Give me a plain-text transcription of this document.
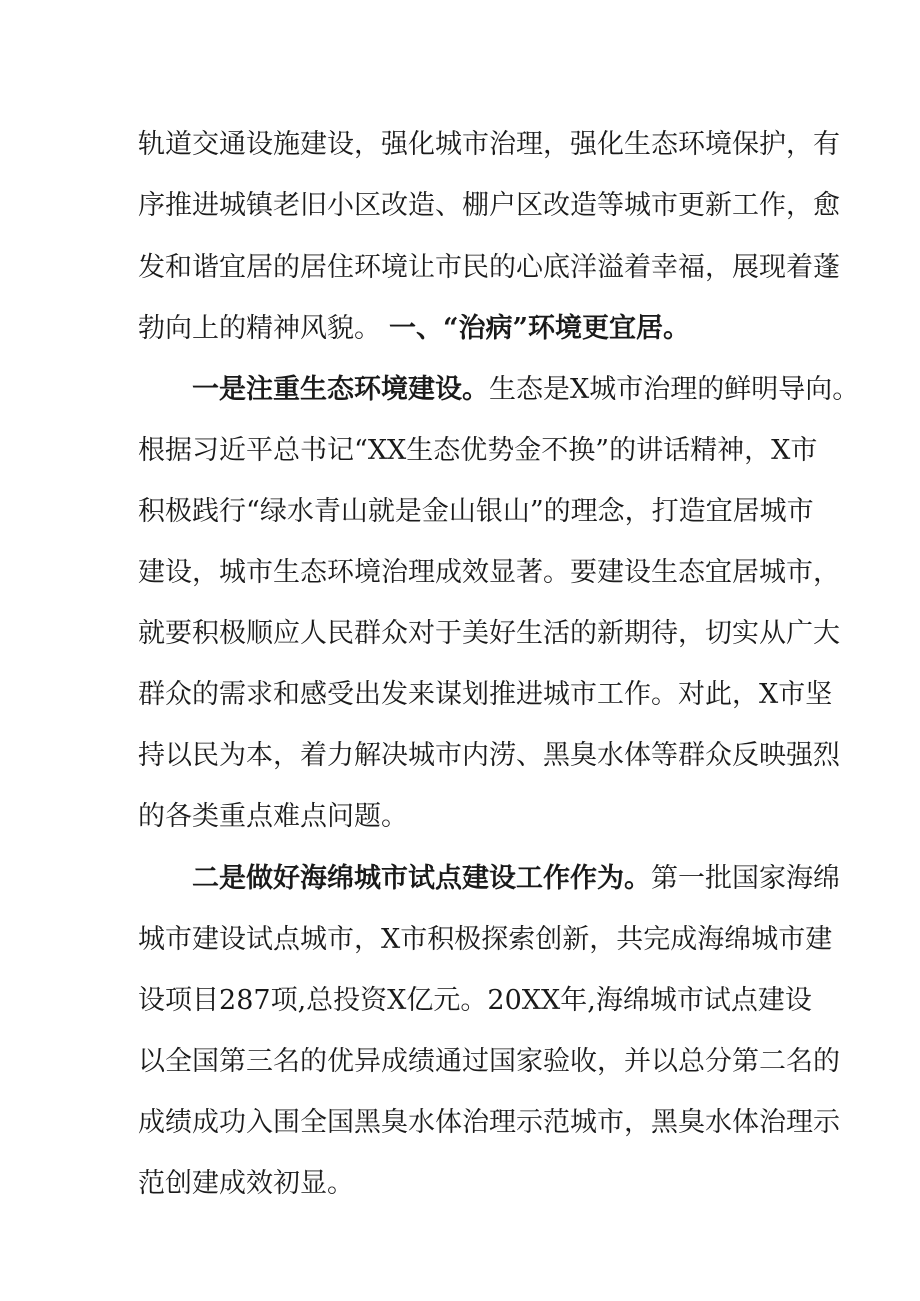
轨 道 交 通 设 施 建 设 ， 强 化 城 市 治 理 ， 强 化 生 态 环 境 保 护 ， 有
序 推 进 城 镇 老 旧 小 区 改 造 、 棚 户 区 改 造 等 城 市 更 新 工 作 ， 愈
发 和 谐 宜 居 的 居 住 环 境 让 市 民 的 心 底 洋 溢 着 幸 福 ， 展 现 着 蓬
勃向上的精神风貌。 一、“治病”环境更宜居。
一是注重生态环境建设。 生态是X城市治理的鲜明导向。
根 据 习 近 平 总 书 记 “ X X 生 态 优 势 金 不 换 ” 的 讲 话 精 神 ， X 市
积 极 践 行 “ 绿 水 青 山 就 是 金 山 银 山 ” 的 理 念 ， 打 造 宜 居 城 市
建 设 ， 城 市 生 态 环 境 治 理 成 效 显 著 。 要 建 设 生 态 宜 居 城 市 ，
就 要 积 极 顺 应 人 民 群 众 对 于 美 好 生 活 的 新 期 待 ， 切 实 从 广 大
群 众 的 需 求 和 感 受 出 发 来 谋 划 推 进 城 市 工 作 。 对 此 ， X 市 坚
持 以 民 为 本 ， 着 力 解 决 城 市 内 涝 、 黑 臭 水 体 等 群 众 反 映 强 烈
的各类重点难点问题。
二是做好海绵城市试点建设工作作为。 第一批国家海绵
城 市 建 设 试 点 城 市 ， X 市 积 极 探 索 创 新 ， 共 完 成 海 绵 城 市 建
设 项 目 2 8 7 项 , 总 投 资 X 亿 元 。 2 0 X X 年 , 海 绵 城 市 试 点 建 设
以 全 国 第 三 名 的 优 异 成 绩 通 过 国 家 验 收 ， 并 以 总 分 第 二 名 的
成 绩 成 功 入 围 全 国 黑 臭 水 体 治 理 示 范 城 市 ， 黑 臭 水 体 治 理 示
范创建成效初显。
